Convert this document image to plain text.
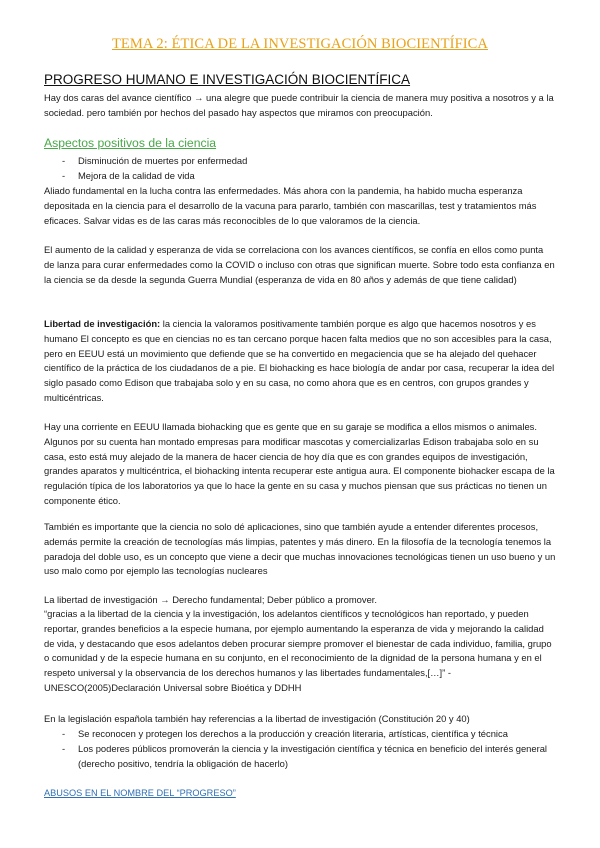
TEMA 2: ÉTICA DE LA INVESTIGACIÓN BIOCIENTÍFICA
PROGRESO HUMANO E INVESTIGACIÓN BIOCIENTÍFICA
Hay dos caras del avance científico → una alegre que puede contribuir la ciencia de manera muy positiva a nosotros y a la sociedad. pero también por hechos del pasado hay aspectos que miramos con preocupación.
Aspectos positivos de la ciencia
- Disminución de muertes por enfermedad
- Mejora de la calidad de vida
Aliado fundamental en la lucha contra las enfermedades. Más ahora con la pandemia, ha habido mucha esperanza depositada en la ciencia para el desarrollo de la vacuna para pararlo, también con mascarillas, test y tratamientos más eficaces. Salvar vidas es de las caras más reconocibles de lo que valoramos de la ciencia.
El aumento de la calidad y esperanza de vida se correlaciona con los avances científicos, se confía en ellos como punta de lanza para curar enfermedades como la COVID o incluso con otras que significan muerte. Sobre todo esta confianza en la ciencia se da desde la segunda Guerra Mundial (esperanza de vida en 80 años y además de que tiene calidad)
Libertad de investigación: la ciencia la valoramos positivamente también porque es algo que hacemos nosotros y es humano El concepto es que en ciencias no es tan cercano porque hacen falta medios que no son accesibles para la casa, pero en EEUU está un movimiento que defiende que se ha convertido en megaciencia que se ha alejado del quehacer científico de la práctica de los ciudadanos de a pie. El biohacking es hace biología de andar por casa, recuperar la idea del siglo pasado como Edison que trabajaba solo y en su casa, no como ahora que es en centros, con grupos grandes y multicéntricas.
Hay una corriente en EEUU llamada biohacking que es gente que en su garaje se modifica a ellos mismos o animales. Algunos por su cuenta han montado empresas para modificar mascotas y comercializarlas Edison trabajaba solo en su casa, esto está muy alejado de la manera de hacer ciencia de hoy día que es con grandes equipos de investigación, grandes aparatos y multicéntrica, el biohacking intenta recuperar este antigua aura. El componente biohacker escapa de la regulación típica de los laboratorios ya que lo hace la gente en su casa y muchos piensan que sus prácticas no tienen un componente ético.
También es importante que la ciencia no solo dé aplicaciones, sino que también ayude a entender diferentes procesos, además permite la creación de tecnologías más limpias, patentes y más dinero. En la filosofía de la tecnología tenemos la paradoja del doble uso, es un concepto que viene a decir que muchas innovaciones tecnológicas tienen un uso bueno y un uso malo como por ejemplo las tecnologías nucleares
La libertad de investigación → Derecho fundamental; Deber público a promover.
“gracias a la libertad de la ciencia y la investigación, los adelantos científicos y tecnológicos han reportado, y pueden reportar, grandes beneficios a la especie humana, por ejemplo aumentando la esperanza de vida y mejorando la calidad de vida, y destacando que esos adelantos deben procurar siempre promover el bienestar de cada individuo, familia, grupo o comunidad y de la especie humana en su conjunto, en el reconocimiento de la dignidad de la persona humana y en el respeto universal y la observancia de los derechos humanos y las libertades fundamentales,[…]” - UNESCO(2005)Declaración Universal sobre Bioética y DDHH
En la legislación española también hay referencias a la libertad de investigación (Constitución 20 y 40)
- Se reconocen y protegen los derechos a la producción y creación literaria, artísticas, científica y técnica
- Los poderes públicos promoverán la ciencia y la investigación científica y técnica en beneficio del interés general (derecho positivo, tendría la obligación de hacerlo)
ABUSOS EN EL NOMBRE DEL “PROGRESO”
